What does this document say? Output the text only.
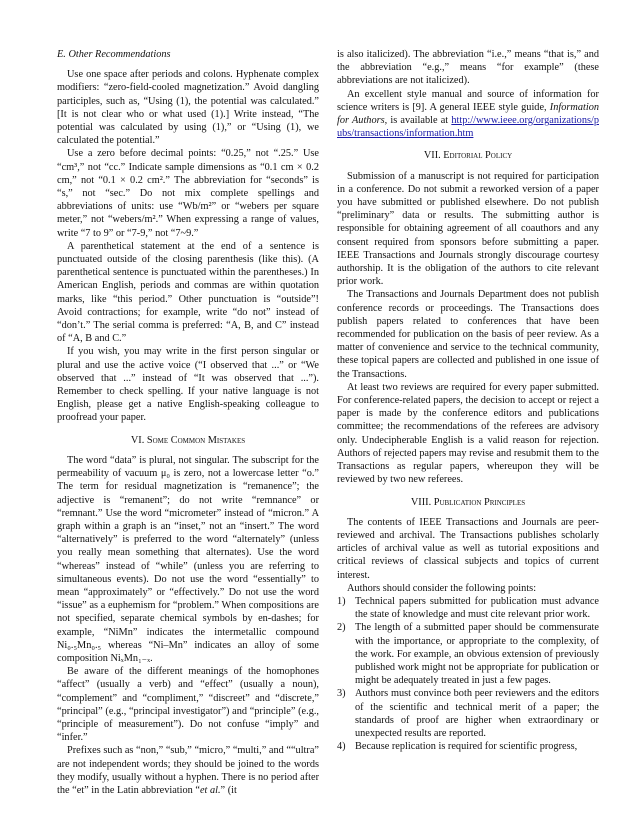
E. Other Recommendations

Use one space after periods and colons. Hyphenate complex modifiers: “zero-field-cooled magnetization.” Avoid dangling participles, such as, “Using (1), the potential was calculated.” [It is not clear who or what used (1).] Write instead, “The potential was calculated by using (1),” or “Using (1), we calculated the potential.”

Use a zero before decimal points: “0.25,” not “.25.” Use “cm³,” not “cc.” Indicate sample dimensions as “0.1 cm × 0.2 cm,” not “0.1 × 0.2 cm².” The abbreviation for “seconds” is “s,” not “sec.” Do not mix complete spellings and abbreviations of units: use “Wb/m²” or “webers per square meter,” not “webers/m².” When expressing a range of values, write “7 to 9” or “7-9,” not “7~9.”

A parenthetical statement at the end of a sentence is punctuated outside of the closing parenthesis (like this). (A parenthetical sentence is punctuated within the parentheses.) In American English, periods and commas are within quotation marks, like “this period.” Other punctuation is “outside”! Avoid contractions; for example, write “do not” instead of “don’t.” The serial comma is preferred: “A, B, and C” instead of “A, B and C.”

If you wish, you may write in the first person singular or plural and use the active voice (“I observed that ...” or “We observed that ...” instead of “It was observed that ...”). Remember to check spelling. If your native language is not English, please get a native English-speaking colleague to proofread your paper.

VI. Some Common Mistakes

The word “data” is plural, not singular. The subscript for the permeability of vacuum μ₀ is zero, not a lowercase letter “o.” The term for residual magnetization is “remanence”; the adjective is “remanent”; do not write “remnance” or “remnant.” Use the word “micrometer” instead of “micron.” A graph within a graph is an “inset,” not an “insert.” The word “alternatively” is preferred to the word “alternately” (unless you really mean something that alternates). Use the word “whereas” instead of “while” (unless you are referring to simultaneous events). Do not use the word “essentially” to mean “approximately” or “effectively.” Do not use the word “issue” as a euphemism for “problem.” When compositions are not specified, separate chemical symbols by en-dashes; for example, “NiMn” indicates the intermetallic compound Ni₀.₅Mn₀.₅ whereas “Ni–Mn” indicates an alloy of some composition NiₓMn₁₋ₓ.

Be aware of the different meanings of the homophones “affect” (usually a verb) and “effect” (usually a noun), “complement” and “compliment,” “discreet” and “discrete,” “principal” (e.g., “principal investigator”) and “principle” (e.g., “principle of measurement”). Do not confuse “imply” and “infer.”

Prefixes such as “non,” “sub,” “micro,” “multi,” and ““ultra” are not independent words; they should be joined to the words they modify, usually without a hyphen. There is no period after the “et” in the Latin abbreviation “et al.” (it

is also italicized). The abbreviation “i.e.,” means “that is,” and the abbreviation “e.g.,” means “for example” (these abbreviations are not italicized).

An excellent style manual and source of information for science writers is [9]. A general IEEE style guide, Information for Authors, is available at http://www.ieee.org/organizations/pubs/transactions/information.htm

VII. Editorial Policy

Submission of a manuscript is not required for participation in a conference. Do not submit a reworked version of a paper you have submitted or published elsewhere. Do not publish “preliminary” data or results. The submitting author is responsible for obtaining agreement of all coauthors and any consent required from sponsors before submitting a paper. IEEE Transactions and Journals strongly discourage courtesy authorship. It is the obligation of the authors to cite relevant prior work.

The Transactions and Journals Department does not publish conference records or proceedings. The Transactions does publish papers related to conferences that have been recommended for publication on the basis of peer review. As a matter of convenience and service to the technical community, these topical papers are collected and published in one issue of the Transactions.

At least two reviews are required for every paper submitted. For conference-related papers, the decision to accept or reject a paper is made by the conference editors and publications committee; the recommendations of the referees are advisory only. Undecipherable English is a valid reason for rejection. Authors of rejected papers may revise and resubmit them to the Transactions as regular papers, whereupon they will be reviewed by two new referees.

VIII. Publication Principles

The contents of IEEE Transactions and Journals are peer-reviewed and archival. The Transactions publishes scholarly articles of archival value as well as tutorial expositions and critical reviews of classical subjects and topics of current interest.

Authors should consider the following points:

1) Technical papers submitted for publication must advance the state of knowledge and must cite relevant prior work.
2) The length of a submitted paper should be commensurate with the importance, or appropriate to the complexity, of the work. For example, an obvious extension of previously published work might not be appropriate for publication or might be adequately treated in just a few pages.
3) Authors must convince both peer reviewers and the editors of the scientific and technical merit of a paper; the standards of proof are higher when extraordinary or unexpected results are reported.
4) Because replication is required for scientific progress,
